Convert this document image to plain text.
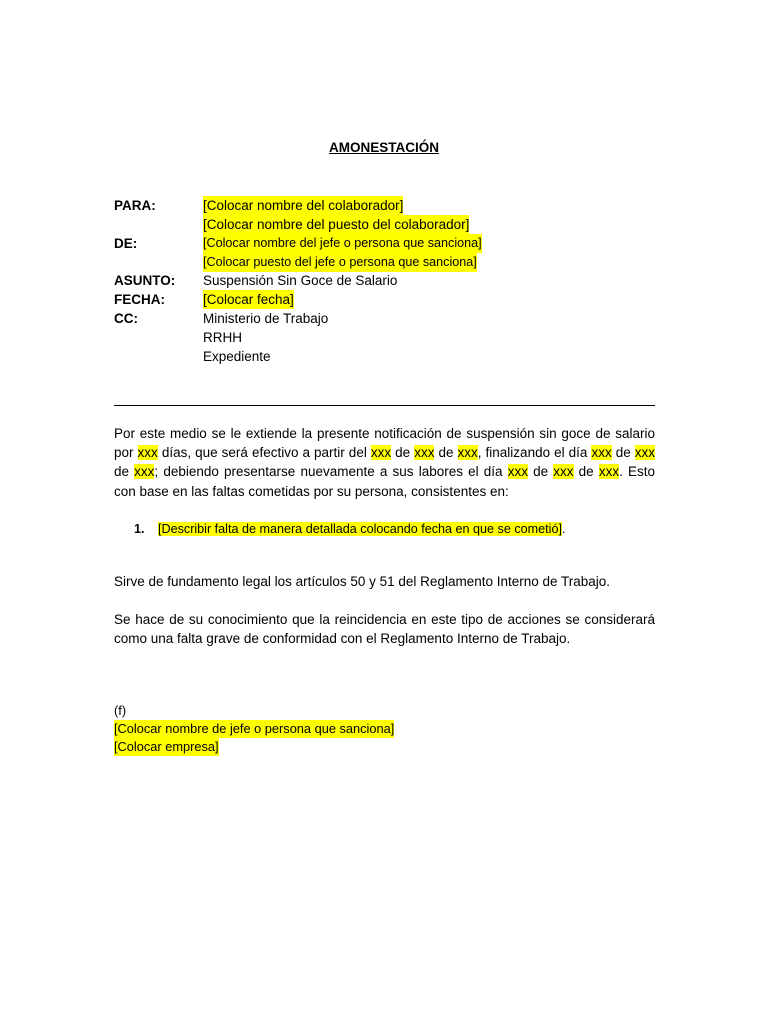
AMONESTACIÓN
PARA:	[Colocar nombre del colaborador]
[Colocar nombre del puesto del colaborador]
DE:	[Colocar nombre del jefe o persona que sanciona]
[Colocar puesto del jefe o persona que sanciona]
ASUNTO: Suspensión Sin Goce de Salario
FECHA:	[Colocar fecha]
CC:	Ministerio de Trabajo
RRHH
Expediente
Por este medio se le extiende la presente notificación de suspensión sin goce de salario por xxx días, que será efectivo a partir del xxx de xxx de xxx, finalizando el día xxx de xxx de xxx; debiendo presentarse nuevamente a sus labores el día xxx de xxx de xxx. Esto con base en las faltas cometidas por su persona, consistentes en:
1. [Describir falta de manera detallada colocando fecha en que se cometió].
Sirve de fundamento legal los artículos 50 y 51 del Reglamento Interno de Trabajo.
Se hace de su conocimiento que la reincidencia en este tipo de acciones se considerará como una falta grave de conformidad con el Reglamento Interno de Trabajo.
(f)
[Colocar nombre de jefe o persona que sanciona]
[Colocar empresa]
